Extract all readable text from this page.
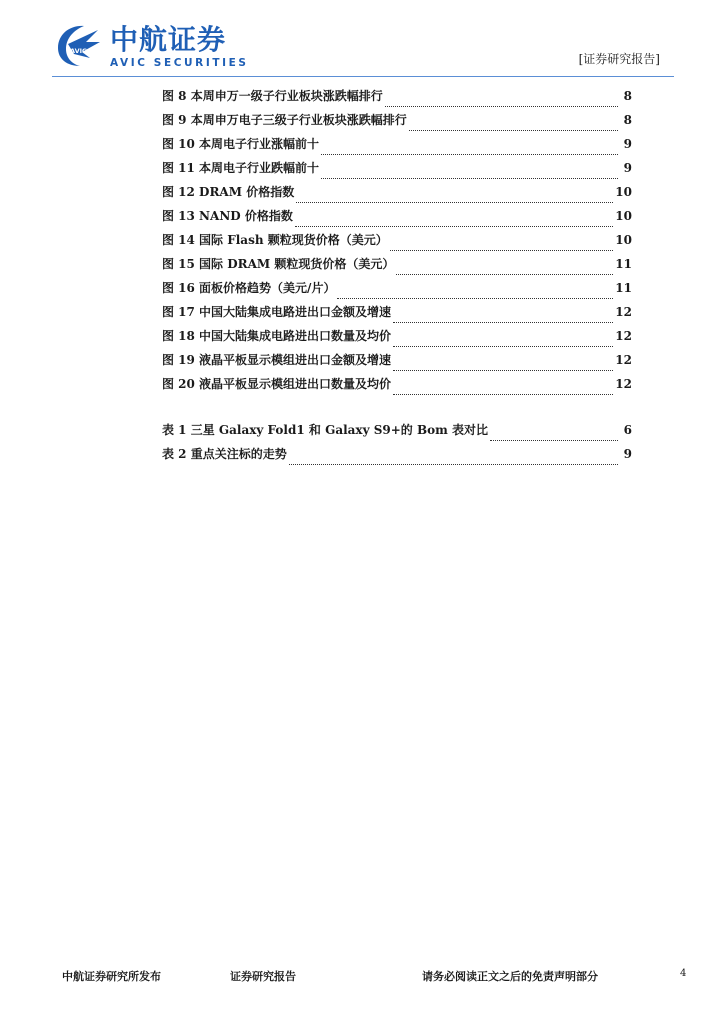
AVIC 中航证券
AVIC SECURITIES	[证券研究报告]
图 8 本周申万一级子行业板块涨跌幅排行	8
图 9 本周申万电子三级子行业板块涨跌幅排行	8
图 10 本周电子行业涨幅前十	9
图 11 本周电子行业跌幅前十	9
图 12 DRAM 价格指数	10
图 13 NAND 价格指数	10
图 14 国际 Flash 颗粒现货价格（美元）	10
图 15 国际 DRAM 颗粒现货价格（美元）	11
图 16 面板价格趋势（美元/片）	11
图 17 中国大陆集成电路进出口金额及增速	12
图 18 中国大陆集成电路进出口数量及均价	12
图 19 液晶平板显示模组进出口金额及增速	12
图 20 液晶平板显示模组进出口数量及均价	12
表 1 三星 Galaxy Fold1 和 Galaxy S9+的 Bom 表对比	6
表 2 重点关注标的走势	9
中航证券研究所发布	证券研究报告	请务必阅读正文之后的免责声明部分	4
